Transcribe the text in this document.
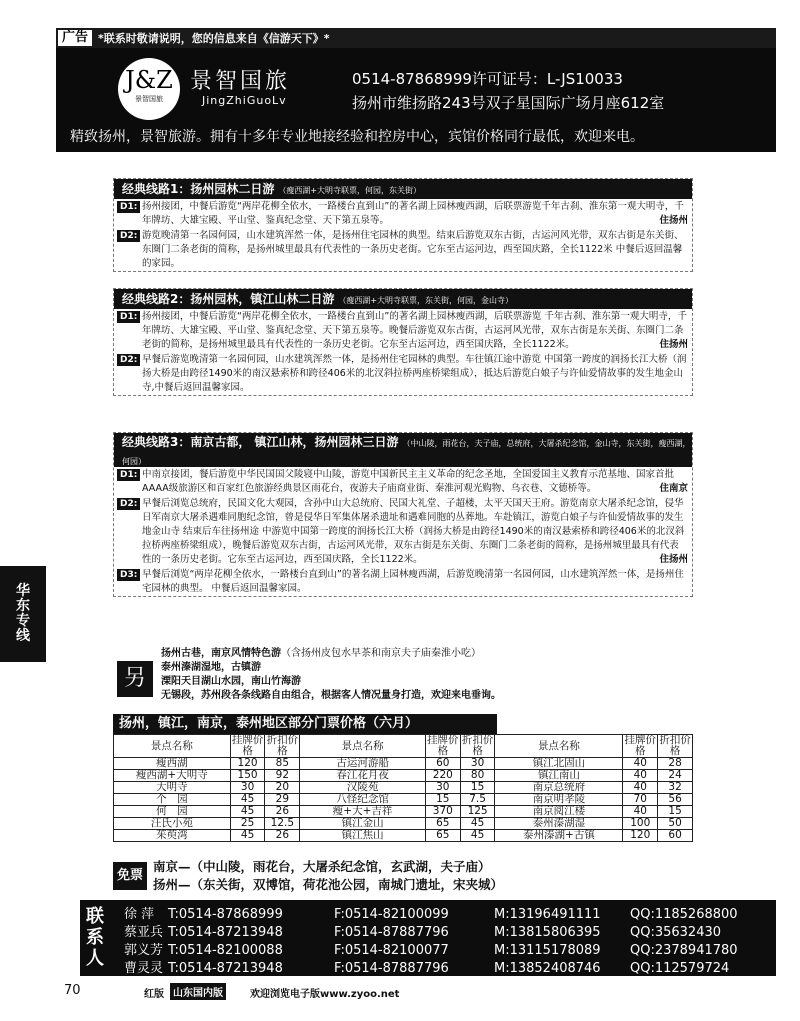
广告 *联系时敬请说明，您的信息来自《信游天下》*
J&Z
景智国旅
景智国旅
JingZhiGuoLv
0514-87868999许可证号：L-JS10033
扬州市维扬路243号双子星国际广场月座612室
精致扬州，景智旅游。拥有十多年专业地接经验和控房中心，宾馆价格同行最低，欢迎来电。
华
东
专
线
经典线路1：扬州园林二日游 （瘦西湖+大明寺联票，何园，东关街）
D1: 扬州接团，中餐后游览“两岸花柳全依水，一路楼台直到山”的著名湖上园林瘦西湖，后联票游览千年古刹、淮东第一观大明寺，千年牌坊、大雄宝殿、平山堂、鉴真纪念堂、天下第五泉等。	住扬州
D2: 游览晚清第一名园何园，山水建筑浑然一体，是扬州住宅园林的典型。结束后游览双东古街，古运河风光带，双东古街是东关街、东圈门二条老街的简称，是扬州城里最具有代表性的一条历史老街。它东至古运河边，西至国庆路，全长1122米 中餐后返回温馨的家园。
经典线路2：扬州园林，镇江山林二日游 （瘦西湖+大明寺联票，东关街，何园，金山寺）
D1: 扬州接团，中餐后游览“两岸花柳全依水，一路楼台直到山”的著名湖上园林瘦西湖，后联票游览 千年古刹、淮东第一观大明寺，千年牌坊、大雄宝殿、平山堂、鉴真纪念堂、天下第五泉等。晚餐后游览双东古街，古运河风光带，双东古街是东关街、东圈门二条老街的简称，是扬州城里最具有代表性的一条历史老街。它东至古运河边，西至国庆路，全长1122米。	住扬州
D2: 早餐后游览晚清第一名园何园，山水建筑浑然一体，是扬州住宅园林的典型。车往镇江途中游览 中国第一跨度的润扬长江大桥（润扬大桥是由跨径1490米的南汉悬索桥和跨径406米的北汊斜拉桥两座桥梁组成），抵达后游览白娘子与许仙爱情故事的发生地金山寺,中餐后返回温馨家园。
经典线路3：南京古都， 镇江山林，扬州园林三日游 （中山陵，雨花台，夫子庙，总统府，大屠杀纪念馆，金山寺，东关街，瘦西湖，何园）
D1: 中南京接团，餐后游览中华民国国父陵寝中山陵，游览中国新民主主义革命的纪念圣地，全国爱国主义教育示范基地、国家首批AAAA级旅游区和百家红色旅游经典景区雨花台，夜游夫子庙商业街、秦淮河观光购物、乌衣巷、文德桥等。	住南京
D2: 早餐后浏览总统府，民国文化大观园，含孙中山大总统府、民国大礼堂、子超楼，太平天国天王府。游览南京大屠杀纪念馆，侵华日军南京大屠杀遇难同胞纪念馆，曾是侵华日军集体屠杀遗址和遇难同胞的丛葬地。车赴镇江，游览白娘子与许仙爱情故事的发生地金山寺 结束后车往扬州途 中游览中国第一跨度的润扬长江大桥（润扬大桥是由跨径1490米的南汉悬索桥和跨径406米的北汊斜拉桥两座桥梁组成），晚餐后游览双东古街，古运河风光带，双东古街是东关街、东圈门二条老街的简称，是扬州城里最具有代表性的一条历史老街。它东至古运河边，西至国庆路，全长1122米。	住扬州
D3: 早餐后浏览“两岸花柳全依水，一路楼台直到山”的著名湖上园林瘦西湖，后游览晚清第一名园何园，山水建筑浑然一体，是扬州住宅园林的典型。 中餐后返回温馨家园。
另
扬州古巷，南京风情特色游（含扬州皮包水早茶和南京夫子庙秦淮小吃）
泰州溱湖湿地，古镇游
溧阳天目湖山水园，南山竹海游
无锡段，苏州段各条线路自由组合，根据客人情况量身打造，欢迎来电垂询。
扬州，镇江，南京，泰州地区部分门票价格（六月）
景点名称	挂牌价格	折扣价格	景点名称	挂牌价格	折扣价格	景点名称	挂牌价格	折扣价格
瘦西湖	120	85	古运河游船	60	30	镇江北固山	40	28
瘦西湖+大明寺	150	92	春江花月夜	220	80	镇江南山	40	24
大明寺	30	20	汉陵苑	30	15	南京总统府	40	32
个　园	45	29	八怪纪念馆	15	7.5	南京明孝陵	70	56
何　园	45	26	瘦+大+吉祥	370	125	南京阅江楼	40	15
汪氏小苑	25	12.5	镇江金山	65	45	泰州溱湖湿	100	50
茱萸湾	45	26	镇江焦山	65	45	泰州溱湖+古镇	120	60
免票
南京—（中山陵，雨花台，大屠杀纪念馆，玄武湖，夫子庙）
扬州—（东关街，双博馆，荷花池公园，南城门遗址，宋夹城）
联系人
徐 萍 T:0514-87868999	F:0514-82100099	M:13196491111 QQ:1185268800
蔡亚兵 T:0514-87213948	F:0514-87887796	M:13815806395 QQ:35632430
郭义芳 T:0514-82100088	F:0514-82100077	M:13115178089 QQ:2378941780
曹灵灵 T:0514-87213948	F:0514-87887796	M:13852408746 QQ:112579724
70	红版 山东国内版	欢迎浏览电子版www.zyoo.net
